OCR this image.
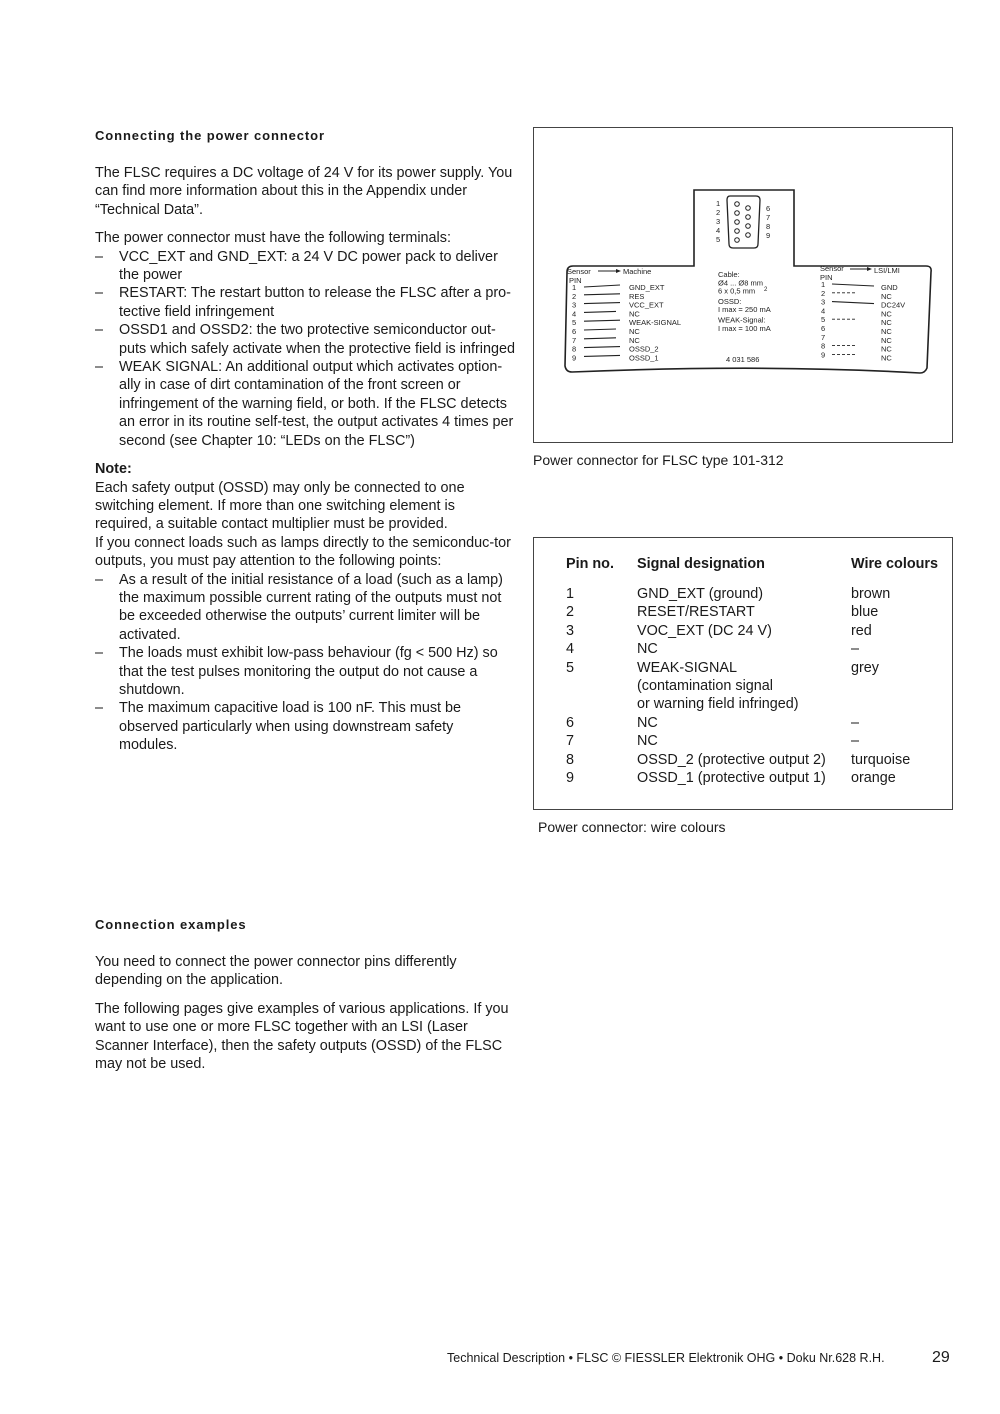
Connecting the power connector

The FLSC requires a DC voltage of 24 V for its power supply. You can find more information about this in the Appendix under “Technical Data”.

The power connector must have the following terminals:

– VCC_EXT and GND_EXT: a 24 V DC power pack to deliver the power
– RESTART: The restart button to release the FLSC after a pro-tective field infringement
– OSSD1 and OSSD2: the two protective semiconductor out-puts which safely activate when the protective field is infringed
– WEAK SIGNAL: An additional output which activates option-ally in case of dirt contamination of the front screen or infringement of the warning field, or both. If the FLSC detects an error in its routine self-test, the output activates 4 times per second (see Chapter 10: “LEDs on the FLSC”)

Note:

Each safety output (OSSD) may only be connected to one switching element. If more than one switching element is required, a suitable contact multiplier must be provided.

If you connect loads such as lamps directly to the semiconduc-tor outputs, you must pay attention to the following points:

– As a result of the initial resistance of a load (such as a lamp) the maximum possible current rating of the outputs must not be exceeded otherwise the outputs’ current limiter will be activated.
– The loads must exhibit low-pass behaviour (fg < 500 Hz) so that the test pulses monitoring the output do not cause a shutdown.
– The maximum capacitive load is 100 nF. This must be observed particularly when using downstream safety modules.
1
2
3
4
5
6
7
8
9
Sensor	Machine
PIN
1	GND_EXT
2	RES
3	VCC_EXT
4	NC
5	WEAK-SIGNAL
6	NC
7	NC
8	OSSD_2
9	OSSD_1
Cable:
Ø4 ... Ø8 mm
6 x 0,5 mm
OSSD:
I max = 250 mA
WEAK-Signal:
I max = 100 mA
2
4 031 586
Sensor	LSI/LMI
PIN
1	GND
2	NC
3	DC24V
4	NC
5	NC
6	NC
7	NC
8	NC
9	NC
Power connector for FLSC type 101-312
Pin no.	Signal designation	Wire colours
1	GND_EXT (ground)	brown
2	RESET/RESTART	blue
3	VOC_EXT (DC 24 V)	red
4	NC	–
5	WEAK-SIGNAL	grey
	(contamination signal	
	or warning field infringed)	
6	NC	–
7	NC	–
8	OSSD_2 (protective output 2)	turquoise
9	OSSD_1 (protective output 1)	orange
Power connector: wire colours
Connection examples

You need to connect the power connector pins differently depending on the application.

The following pages give examples of various applications. If you want to use one or more FLSC together with an LSI (Laser Scanner Interface), then the safety outputs (OSSD) of the FLSC may not be used.

Technical Description • FLSC © FIESSLER Elektronik OHG • Doku Nr.628 R.H.	29
